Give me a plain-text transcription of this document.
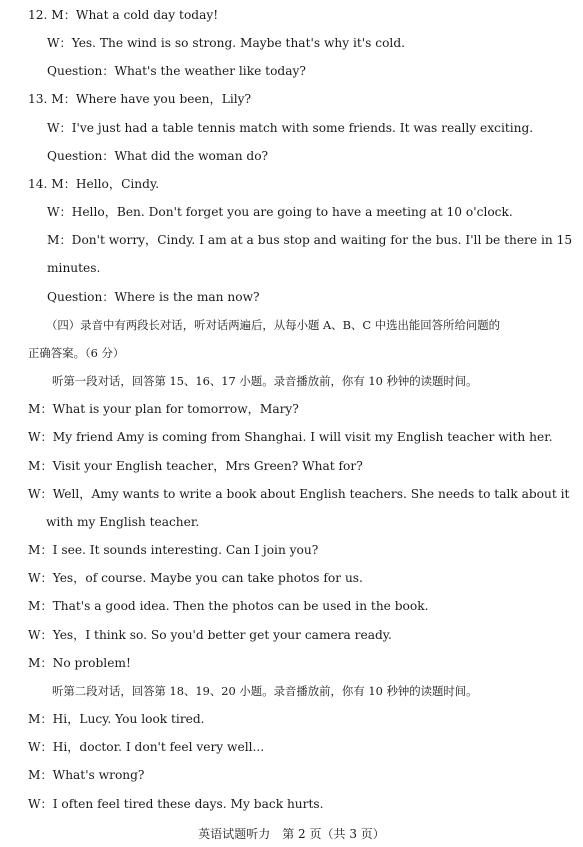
12. M：What a cold day today!
W：Yes. The wind is so strong. Maybe that's why it's cold.
Question：What's the weather like today?
13. M：Where have you been，Lily?
W：I've just had a table tennis match with some friends. It was really exciting.
Question：What did the woman do?
14. M：Hello，Cindy.
W：Hello，Ben. Don't forget you are going to have a meeting at 10 o'clock.
M：Don't worry，Cindy. I am at a bus stop and waiting for the bus. I'll be there in 15
minutes.
Question：Where is the man now?
（四）录音中有两段长对话，听对话两遍后，从每小题 A、B、C 中选出能回答所给问题的
正确答案。（6 分）
听第一段对话，回答第 15、16、17 小题。录音播放前，你有 10 秒钟的读题时间。
M：What is your plan for tomorrow，Mary?
W：My friend Amy is coming from Shanghai. I will visit my English teacher with her.
M：Visit your English teacher，Mrs Green? What for?
W：Well，Amy wants to write a book about English teachers. She needs to talk about it
with my English teacher.
M：I see. It sounds interesting. Can I join you?
W：Yes，of course. Maybe you can take photos for us.
M：That's a good idea. Then the photos can be used in the book.
W：Yes，I think so. So you'd better get your camera ready.
M：No problem!
听第二段对话，回答第 18、19、20 小题。录音播放前，你有 10 秒钟的读题时间。
M：Hi，Lucy. You look tired.
W：Hi，doctor. I don't feel very well...
M：What's wrong?
W：I often feel tired these days. My back hurts.
英语试题听力　第 2 页（共 3 页）
